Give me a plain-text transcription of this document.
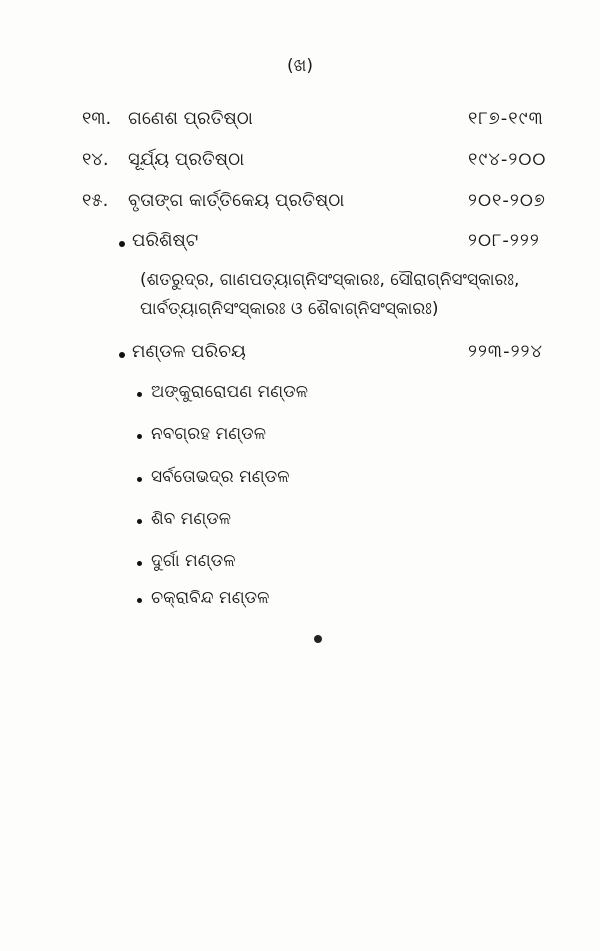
(ଖ)
୧୩. ଗଣେଶ ପ୍ରତିଷ୍ଠା	୧୮୭-୧୯୩
୧୪. ସୂର୍ଯ୍ୟ ପ୍ରତିଷ୍ଠା	୧୯୪-୨୦୦
୧୫. ବୃତାଙ୍ଗ କାର୍ତ୍ତିକେୟ ପ୍ରତିଷ୍ଠା	୨୦୧-୨୦୭
ପରିଶିଷ୍ଟ	୨୦୮-୨୨୨
(ଶତରୁଦ୍ର, ଗାଣପତ୍ୟାଗ୍ନିସଂସ୍କାରଃ, ସୌରାଗ୍ନିସଂସ୍କାରଃ,
ପାର୍ବତ୍ୟାଗ୍ନିସଂସ୍କାରଃ ଓ ଶୈବାଗ୍ନିସଂସ୍କାରଃ)
ମଣ୍ଡଳ ପରିଚୟ	୨୨୩-୨୨୪
ଅଙ୍କୁରାରୋପଣ ମଣ୍ଡଳ
ନବଗ୍ରହ ମଣ୍ଡଳ
ସର୍ବତୋଭଦ୍ର ମଣ୍ଡଳ
ଶିବ ମଣ୍ଡଳ
ଦୁର୍ଗା ମଣ୍ଡଳ
ଚକ୍ରାବିନ୍ଦ ମଣ୍ଡଳ
